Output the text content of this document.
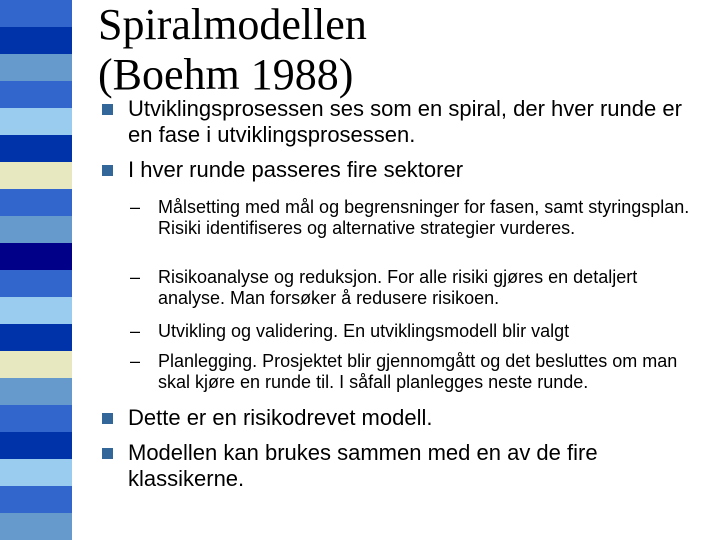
Spiralmodellen
(Boehm 1988)
Utviklingsprosessen ses som en spiral, der hver runde er en fase i utviklingsprosessen.
I hver runde passeres fire sektorer
– Målsetting med mål og begrensninger for fasen, samt styringsplan. Risiki identifiseres og alternative strategier vurderes.
– Risikoanalyse og reduksjon. For alle risiki gjøres en detaljert analyse. Man forsøker å redusere risikoen.
– Utvikling og validering. En utviklingsmodell blir valgt
– Planlegging. Prosjektet blir gjennomgått og det besluttes om man skal kjøre en runde til. I såfall planlegges neste runde.
Dette er en risikodrevet modell.
Modellen kan brukes sammen med en av de fire klassikerne.
